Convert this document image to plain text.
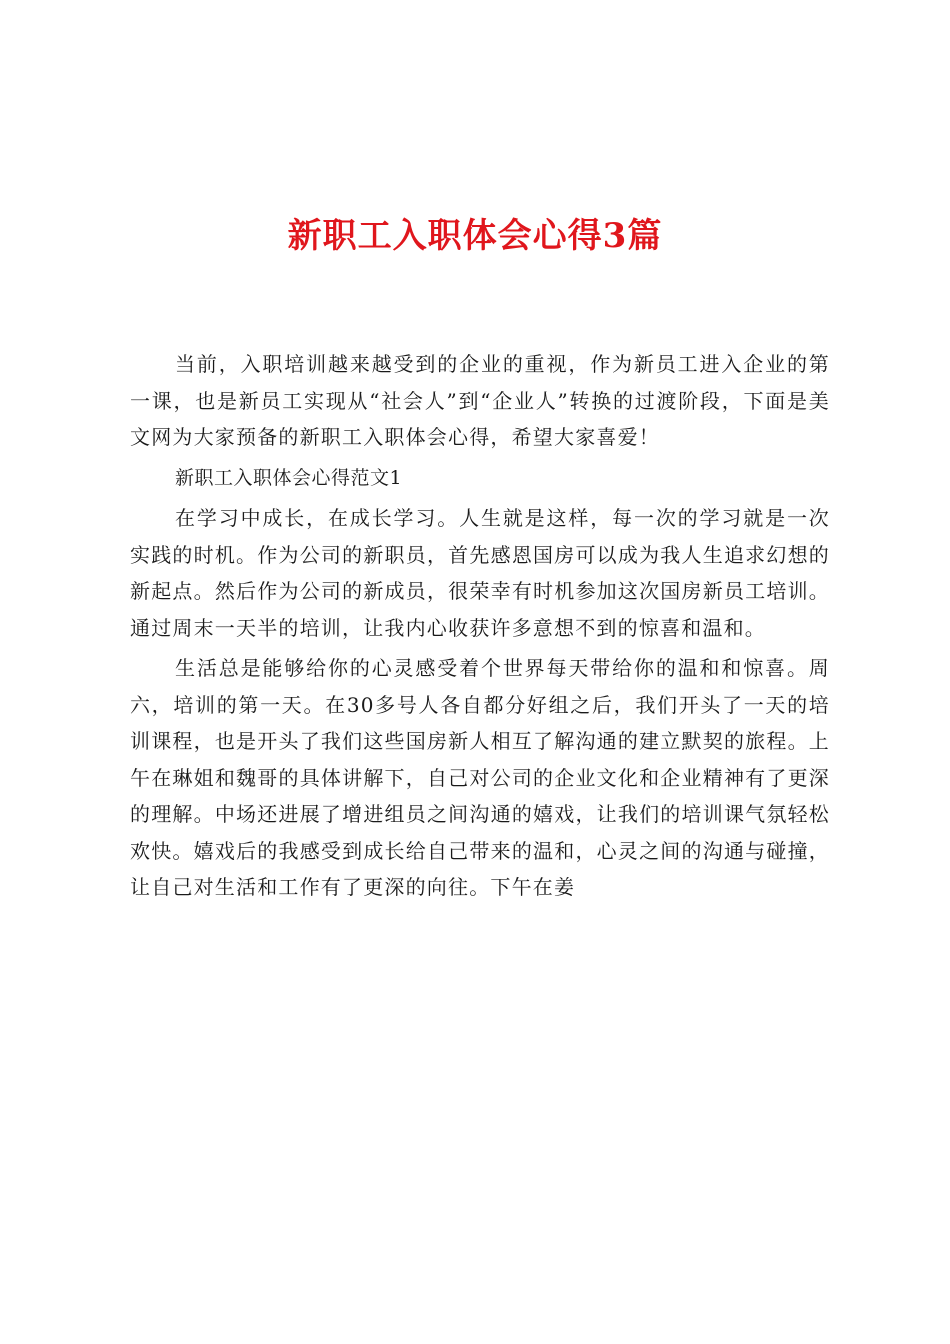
新职工入职体会心得3篇

当前，入职培训越来越受到的企业的重视，作为新员工进入企业的第一课，也是新员工实现从“社会人”到“企业人”转换的过渡阶段，下面是美文网为大家预备的新职工入职体会心得，希望大家喜爱！

新职工入职体会心得范文1

在学习中成长，在成长学习。人生就是这样，每一次的学习就是一次实践的时机。作为公司的新职员，首先感恩国房可以成为我人生追求幻想的新起点。然后作为公司的新成员，很荣幸有时机参加这次国房新员工培训。通过周末一天半的培训，让我内心收获许多意想不到的惊喜和温和。

生活总是能够给你的心灵感受着个世界每天带给你的温和和惊喜。周六，培训的第一天。在30多号人各自都分好组之后，我们开头了一天的培训课程，也是开头了我们这些国房新人相互了解沟通的建立默契的旅程。上午在琳姐和魏哥的具体讲解下，自己对公司的企业文化和企业精神有了更深的理解。中场还进展了增进组员之间沟通的嬉戏，让我们的培训课气氛轻松欢快。嬉戏后的我感受到成长给自己带来的温和，心灵之间的沟通与碰撞，让自己对生活和工作有了更深的向往。下午在姜
